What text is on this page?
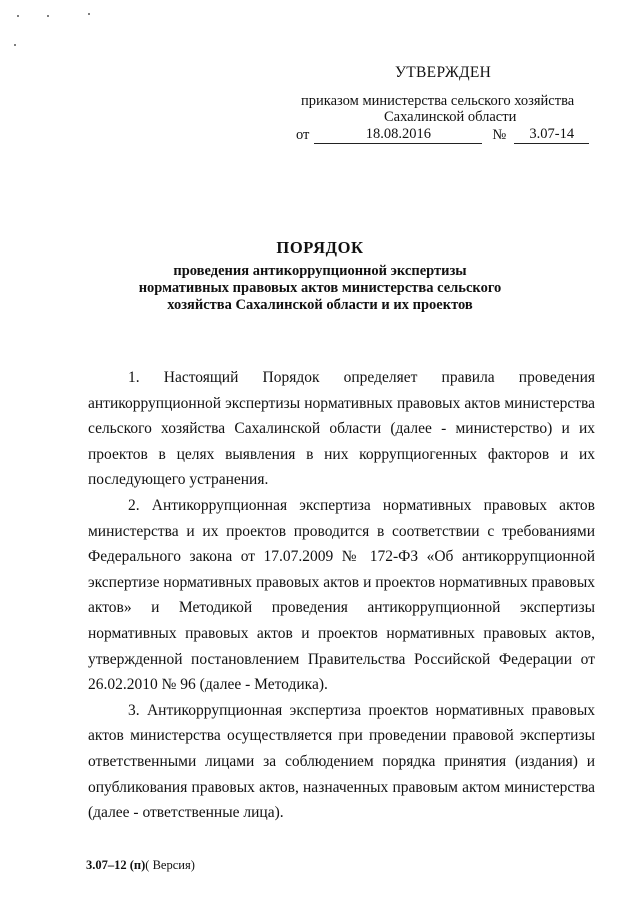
УТВЕРЖДЕН
приказом министерства сельского хозяйства
Сахалинской области
от	18.08.2016	№	3.07-14
ПОРЯДОК
проведения антикоррупционной экспертизы
нормативных правовых актов министерства сельского
хозяйства Сахалинской области и их проектов

1. Настоящий Порядок определяет правила проведения антикоррупционной экспертизы нормативных правовых актов министерства сельского хозяйства Сахалинской области (далее - министерство) и их проектов в целях выявления в них коррупциогенных факторов и их последующего устранения.

2. Антикоррупционная экспертиза нормативных правовых актов министерства и их проектов проводится в соответствии с требованиями Федерального закона от 17.07.2009 № 172-ФЗ «Об антикоррупционной экспертизе нормативных правовых актов и проектов нормативных правовых актов» и Методикой проведения антикоррупционной экспертизы нормативных правовых актов и проектов нормативных правовых актов, утвержденной постановлением Правительства Российской Федерации от 26.02.2010 № 96 (далее - Методика).

3. Антикоррупционная экспертиза проектов нормативных правовых актов министерства осуществляется при проведении правовой экспертизы ответственными лицами за соблюдением порядка принятия (издания) и опубликования правовых актов, назначенных правовым актом министерства (далее - ответственные лица).

3.07–12 (п)( Версия)
